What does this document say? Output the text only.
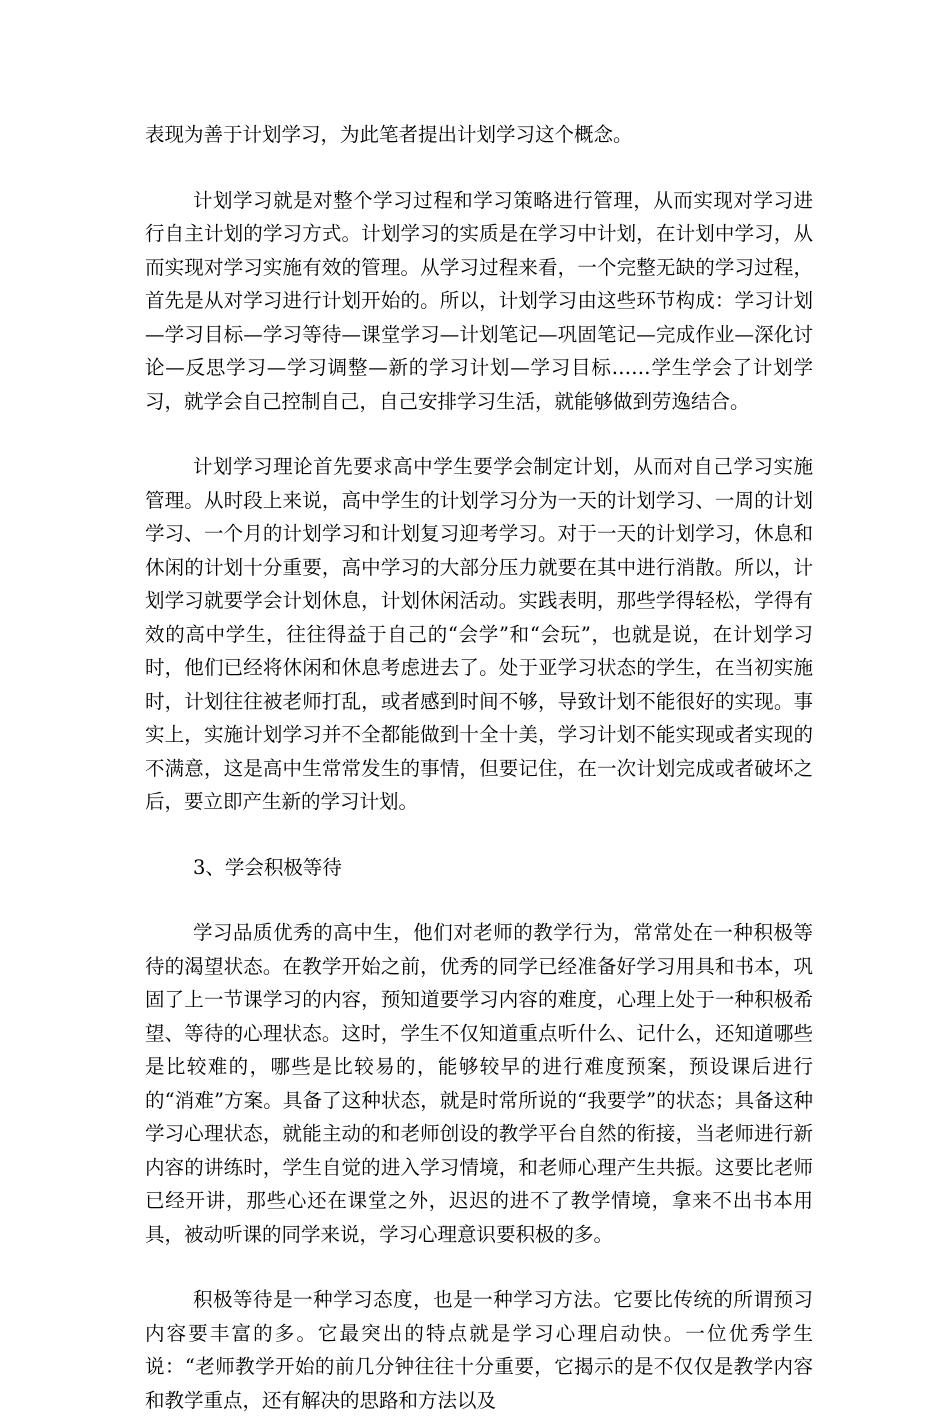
表现为善于计划学习，为此笔者提出计划学习这个概念。

计划学习就是对整个学习过程和学习策略进行管理，从而实现对学习进行自主计划的学习方式。计划学习的实质是在学习中计划，在计划中学习，从而实现对学习实施有效的管理。从学习过程来看，一个完整无缺的学习过程，首先是从对学习进行计划开始的。所以，计划学习由这些环节构成：学习计划—学习目标—学习等待—课堂学习—计划笔记—巩固笔记—完成作业—深化讨论—反思学习—学习调整—新的学习计划—学习目标……学生学会了计划学习，就学会自己控制自己，自己安排学习生活，就能够做到劳逸结合。

计划学习理论首先要求高中学生要学会制定计划，从而对自己学习实施管理。从时段上来说，高中学生的计划学习分为一天的计划学习、一周的计划学习、一个月的计划学习和计划复习迎考学习。对于一天的计划学习，休息和休闲的计划十分重要，高中学习的大部分压力就要在其中进行消散。所以，计划学习就要学会计划休息，计划休闲活动。实践表明，那些学得轻松，学得有效的高中学生，往往得益于自己的“会学”和“会玩”，也就是说，在计划学习时，他们已经将休闲和休息考虑进去了。处于亚学习状态的学生，在当初实施时，计划往往被老师打乱，或者感到时间不够，导致计划不能很好的实现。事实上，实施计划学习并不全都能做到十全十美，学习计划不能实现或者实现的不满意，这是高中生常常发生的事情，但要记住，在一次计划完成或者破坏之后，要立即产生新的学习计划。

3、学会积极等待

学习品质优秀的高中生，他们对老师的教学行为，常常处在一种积极等待的渴望状态。在教学开始之前，优秀的同学已经准备好学习用具和书本，巩固了上一节课学习的内容，预知道要学习内容的难度，心理上处于一种积极希望、等待的心理状态。这时，学生不仅知道重点听什么、记什么，还知道哪些是比较难的，哪些是比较易的，能够较早的进行难度预案，预设课后进行的“消难”方案。具备了这种状态，就是时常所说的“我要学”的状态；具备这种学习心理状态，就能主动的和老师创设的教学平台自然的衔接，当老师进行新内容的讲练时，学生自觉的进入学习情境，和老师心理产生共振。这要比老师已经开讲，那些心还在课堂之外，迟迟的进不了教学情境，拿来不出书本用具，被动听课的同学来说，学习心理意识要积极的多。

积极等待是一种学习态度，也是一种学习方法。它要比传统的所谓预习内容要丰富的多。它最突出的特点就是学习心理启动快。一位优秀学生说：“老师教学开始的前几分钟往往十分重要，它揭示的是不仅仅是教学内容和教学重点，还有解决的思路和方法以及
